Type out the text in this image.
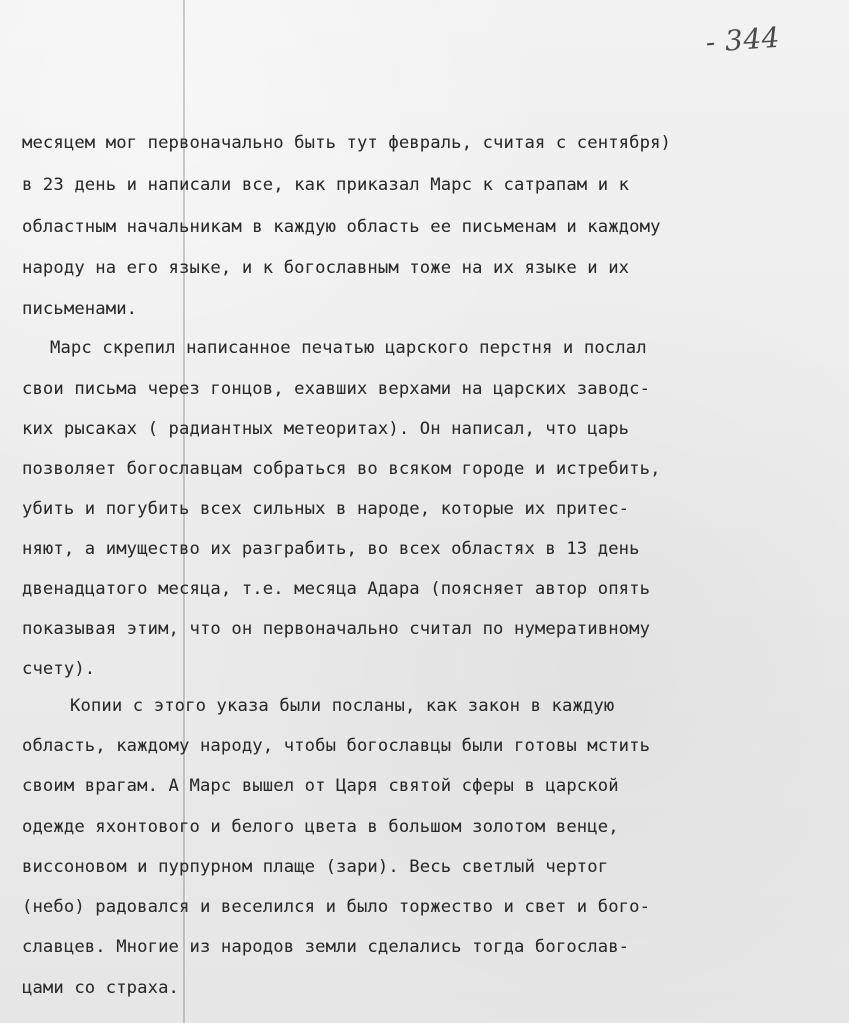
- 344
месяцем мог первоначально быть тут февраль, считая с сентября)
в 23 день и написали все, как приказал Марс к сатрапам и к
областным начальникам в каждую область ее письменам и каждому
народу на его языке, и к богославным тоже на их языке и их
письменами.
Марс скрепил написанное печатью царского перстня и послал
свои письма через гонцов, ехавших верхами на царских заводс-
ких рысаках ( радиантных метеоритах). Он написал, что царь
позволяет богославцам собраться во всяком городе и истребить,
убить и погубить всех сильных в народе, которые их притес-
няют, а имущество их разграбить, во всех областях в 13 день
двенадцатого месяца, т.е. месяца Адара (поясняет автор опять
показывая этим, что он первоначально считал по нумеративному
счету).
Копии с этого указа были посланы, как закон в каждую
область, каждому народу, чтобы богославцы были готовы мстить
своим врагам. А Марс вышел от Царя святой сферы в царской
одежде яхонтового и белого цвета в большом золотом венце,
виссоновом и пурпурном плаще (зари). Весь светлый чертог
(небо) радовался и веселился и было торжество и свет и бого-
славцев. Многие из народов земли сделались тогда богослав-
цами со страха.
